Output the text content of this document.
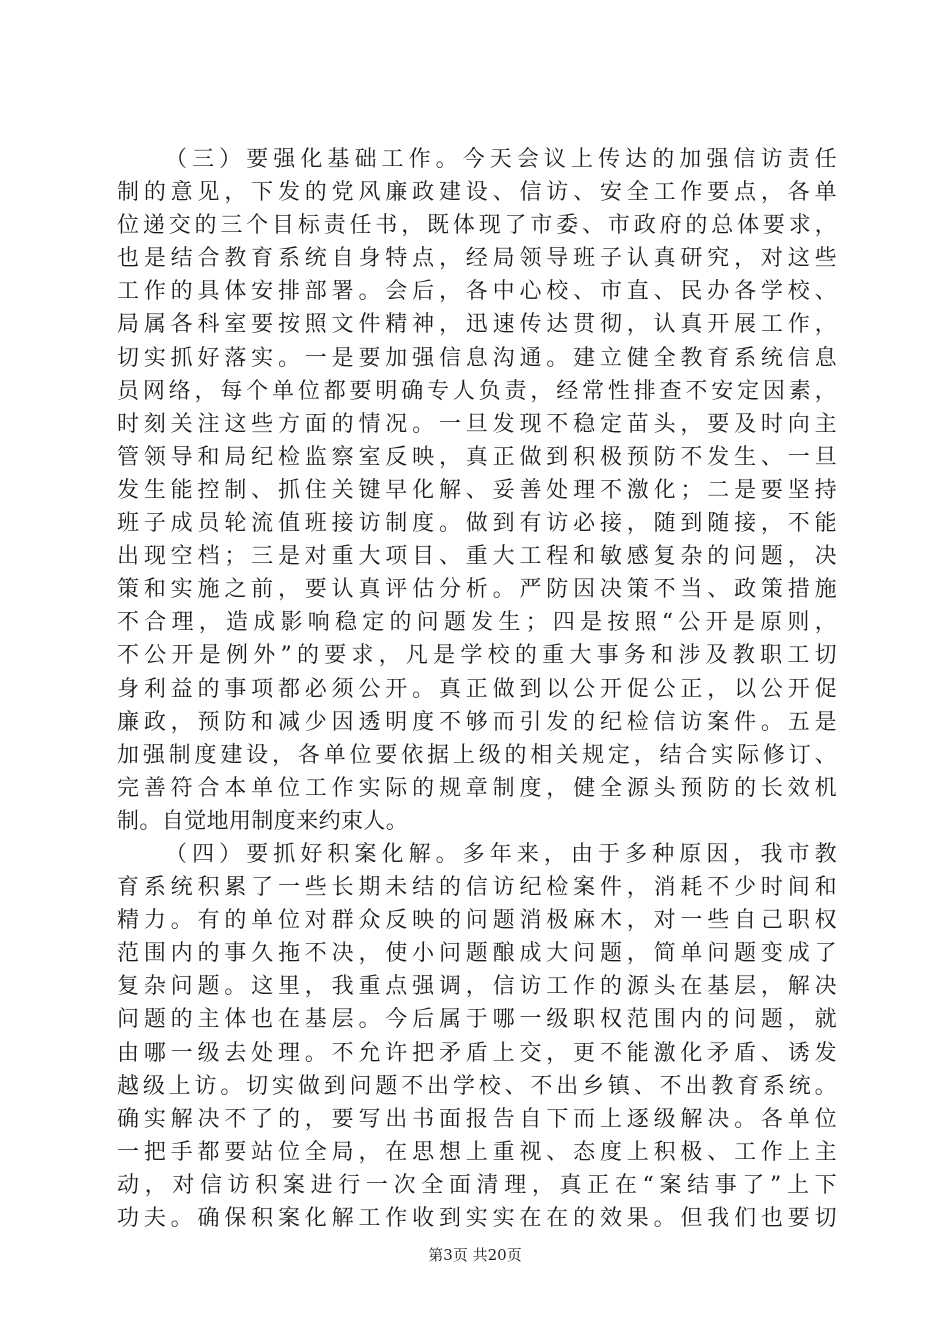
（三）要强化基础工作。今天会议上传达的加强信访责任
制的意见，下发的党风廉政建设、信访、安全工作要点，各单
位递交的三个目标责任书，既体现了市委、市政府的总体要求，
也是结合教育系统自身特点，经局领导班子认真研究，对这些
工作的具体安排部署。会后，各中心校、市直、民办各学校、
局属各科室要按照文件精神，迅速传达贯彻，认真开展工作，
切实抓好落实。一是要加强信息沟通。建立健全教育系统信息
员网络，每个单位都要明确专人负责，经常性排查不安定因素，
时刻关注这些方面的情况。一旦发现不稳定苗头，要及时向主
管领导和局纪检监察室反映，真正做到积极预防不发生、一旦
发生能控制、抓住关键早化解、妥善处理不激化；二是要坚持
班子成员轮流值班接访制度。做到有访必接，随到随接，不能
出现空档；三是对重大项目、重大工程和敏感复杂的问题，决
策和实施之前，要认真评估分析。严防因决策不当、政策措施
不合理，造成影响稳定的问题发生；四是按照“公开是原则，
不公开是例外”的要求，凡是学校的重大事务和涉及教职工切
身利益的事项都必须公开。真正做到以公开促公正，以公开促
廉政，预防和减少因透明度不够而引发的纪检信访案件。五是
加强制度建设，各单位要依据上级的相关规定，结合实际修订、
完善符合本单位工作实际的规章制度，健全源头预防的长效机
制。自觉地用制度来约束人。
（四）要抓好积案化解。多年来，由于多种原因，我市教
育系统积累了一些长期未结的信访纪检案件，消耗不少时间和
精力。有的单位对群众反映的问题消极麻木，对一些自己职权
范围内的事久拖不决，使小问题酿成大问题，简单问题变成了
复杂问题。这里，我重点强调，信访工作的源头在基层，解决
问题的主体也在基层。今后属于哪一级职权范围内的问题，就
由哪一级去处理。不允许把矛盾上交，更不能激化矛盾、诱发
越级上访。切实做到问题不出学校、不出乡镇、不出教育系统。
确实解决不了的，要写出书面报告自下而上逐级解决。各单位
一把手都要站位全局，在思想上重视、态度上积极、工作上主
动，对信访积案进行一次全面清理，真正在“案结事了”上下
功夫。确保积案化解工作收到实实在在的效果。但我们也要切
第3页 共20页
